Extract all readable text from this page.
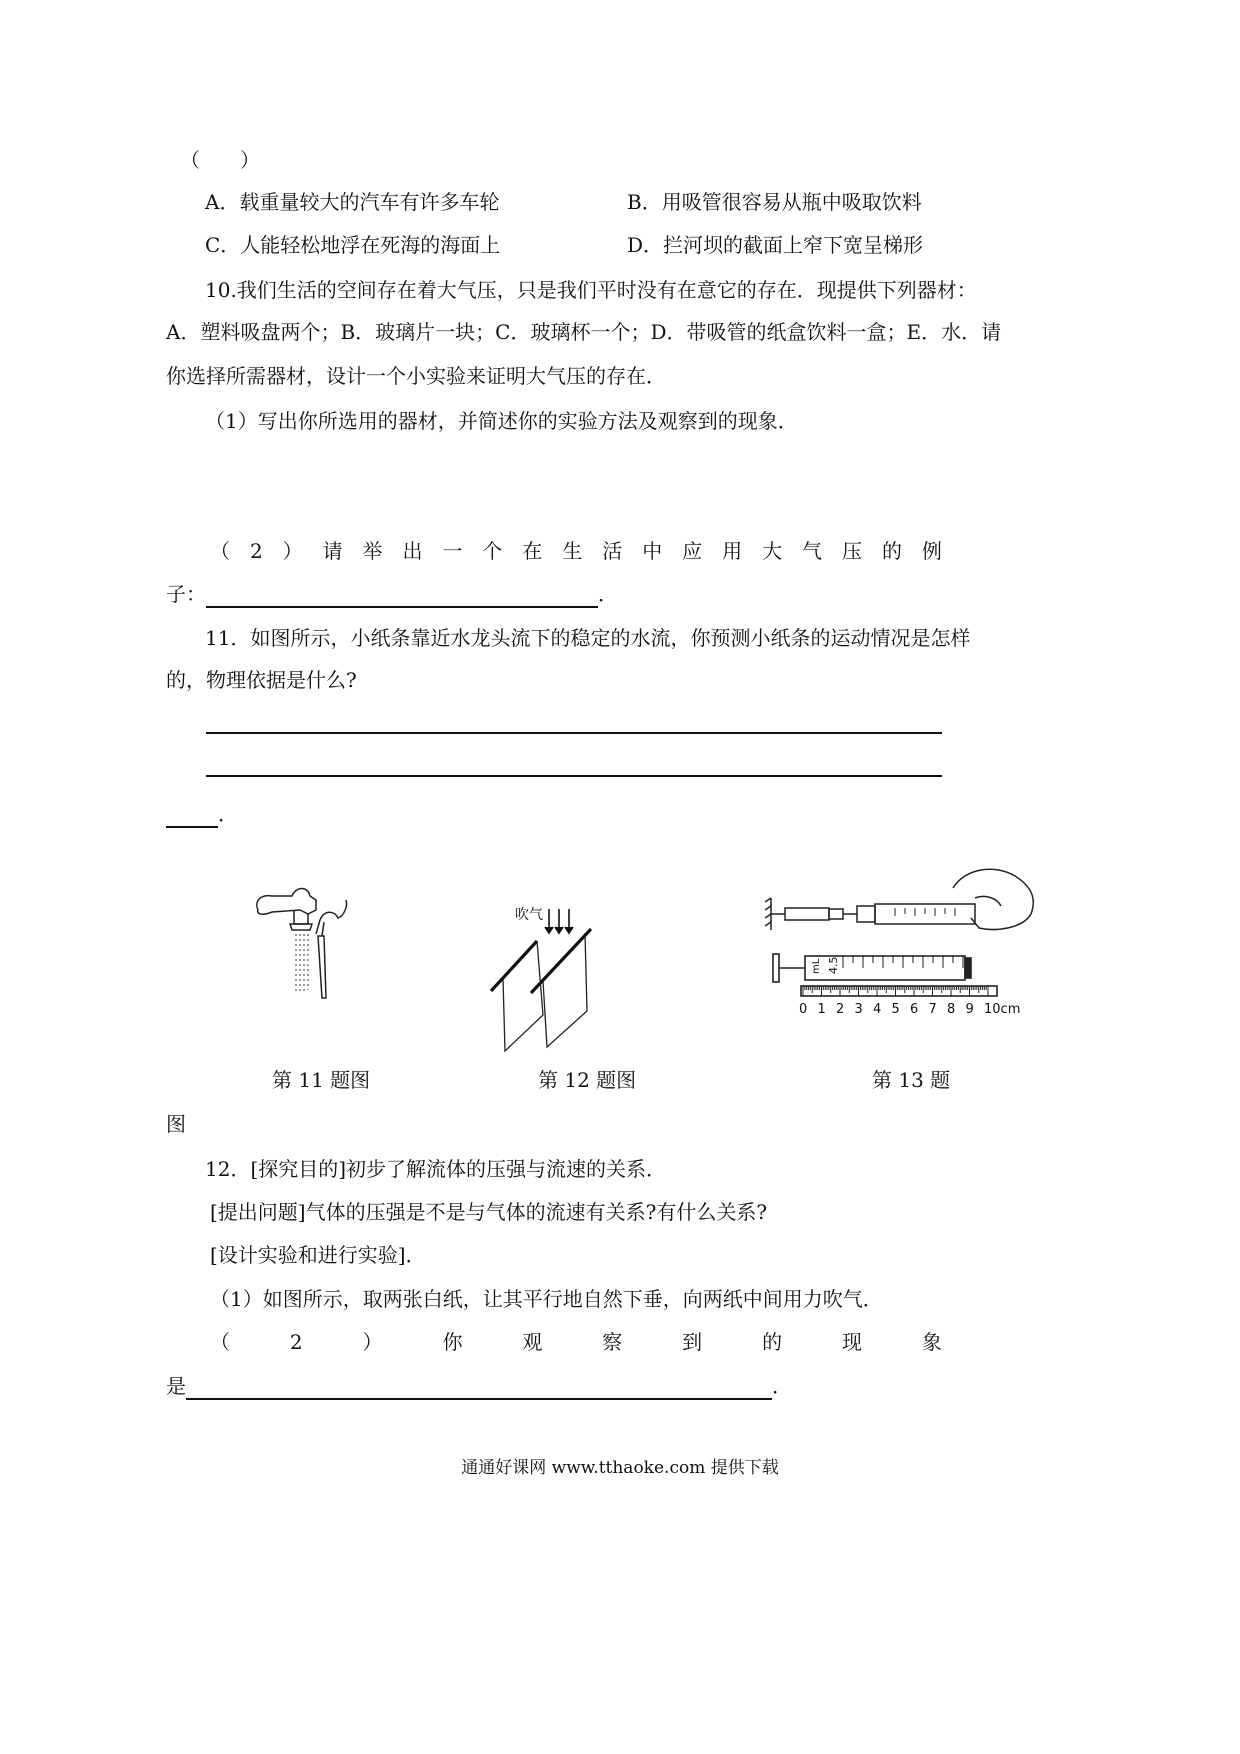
（　　）
A．载重量较大的汽车有许多车轮	B．用吸管很容易从瓶中吸取饮料
C．人能轻松地浮在死海的海面上	D．拦河坝的截面上窄下宽呈梯形
10.我们生活的空间存在着大气压，只是我们平时没有在意它的存在．现提供下列器材：
A．塑料吸盘两个；B．玻璃片一块；C．玻璃杯一个；D．带吸管的纸盒饮料一盒；E．水．请
你选择所需器材，设计一个小实验来证明大气压的存在．
（1）写出你所选用的器材，并简述你的实验方法及观察到的现象．
（ 2 ） 请 举 出 一 个 在 生 活 中 应 用 大 气 压 的 例
子：	．
11．如图所示，小纸条靠近水龙头流下的稳定的水流，你预测小纸条的运动情况是怎样
的，物理依据是什么?
．
吹气
mL 4.5
0 1 2 3 4 5 6 7 8 9 10cm
第 11 题图	第 12 题图	第 13 题
图
12．[探究目的]初步了解流体的压强与流速的关系．
[提出问题]气体的压强是不是与气体的流速有关系?有什么关系?
[设计实验和进行实验]．
（1）如图所示，取两张白纸，让其平行地自然下垂，向两纸中间用力吹气．
（	2	）	你	观	察	到	的	现	象
是	．
通通好课网 www.tthaoke.com 提供下载
